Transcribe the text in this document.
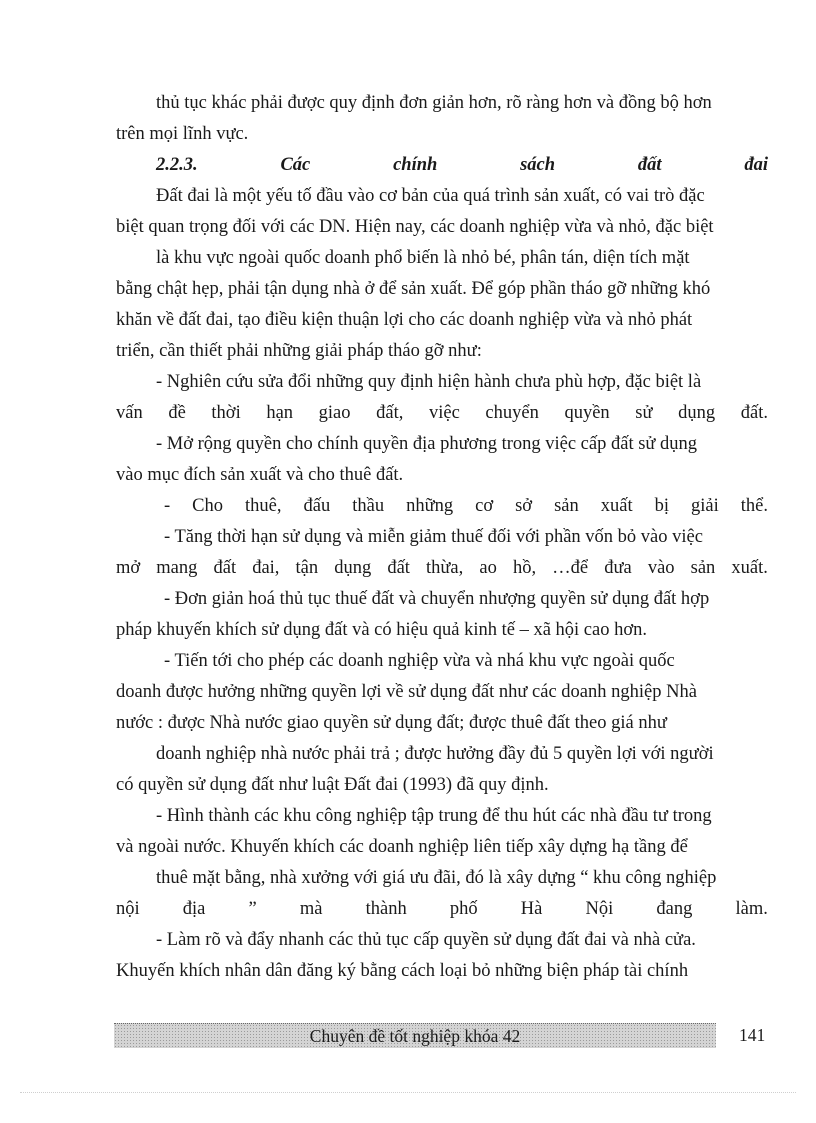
thủ tục khác phải được quy định đơn giản hơn, rõ ràng hơn và đồng bộ hơn
trên mọi lĩnh vực.
2.2.3.	Các	chính	sách	đất	đai
Đất đai là một yếu tố đầu vào cơ bản của quá trình sản xuất, có vai trò đặc
biệt quan trọng đối với các DN. Hiện nay, các doanh nghiệp vừa và nhỏ, đặc biệt
là khu vực ngoài quốc doanh phổ biến là nhỏ bé, phân tán, diện tích mặt
bằng chật hẹp, phải tận dụng nhà ở để sản xuất. Để góp phần tháo gỡ những khó
khăn về đất đai, tạo điều kiện thuận lợi cho các doanh nghiệp vừa và nhỏ phát
triển, cần thiết phải những giải pháp tháo gỡ như:
- Nghiên cứu sửa đổi những quy định hiện hành chưa phù hợp, đặc biệt là
vấn đề thời hạn giao đất, việc chuyển quyền sử dụng đất.
- Mở rộng quyền cho chính quyền địa phương trong việc cấp đất sử dụng
vào mục đích sản xuất và cho thuê đất.
- Cho thuê, đấu thầu những cơ sở sản xuất bị giải thể.
- Tăng thời hạn sử dụng và miễn giảm thuế đối với phần vốn bỏ vào việc
mở mang đất đai, tận dụng đất thừa, ao hồ, …để đưa vào sản xuất.
- Đơn giản hoá thủ tục thuế đất và chuyển nhượng quyền sử dụng đất hợp
pháp khuyến khích sử dụng đất và có hiệu quả kinh tế – xã hội cao hơn.
- Tiến tới cho phép các doanh nghiệp vừa và nhá khu vực ngoài quốc
doanh được hưởng những quyền lợi về sử dụng đất như các doanh nghiệp Nhà
nước : được Nhà nước giao quyền sử dụng đất; được thuê đất theo giá như
doanh nghiệp nhà nước phải trả ; được hưởng đầy đủ 5 quyền lợi với người
có quyền sử dụng đất như luật Đất đai (1993) đã quy định.
- Hình thành các khu công nghiệp tập trung để thu hút các nhà đầu tư trong
và ngoài nước. Khuyến khích các doanh nghiệp liên tiếp xây dựng hạ tầng để
thuê mặt bằng, nhà xưởng với giá ưu đãi, đó là xây dựng “ khu công nghiệp
nội địa ” mà thành phố Hà Nội đang làm.
- Làm rõ và đẩy nhanh các thủ tục cấp quyền sử dụng đất đai và nhà cửa.
Khuyến khích nhân dân đăng ký bằng cách loại bỏ những biện pháp tài chính
Chuyên đề tốt nghiệp khóa 42	141
